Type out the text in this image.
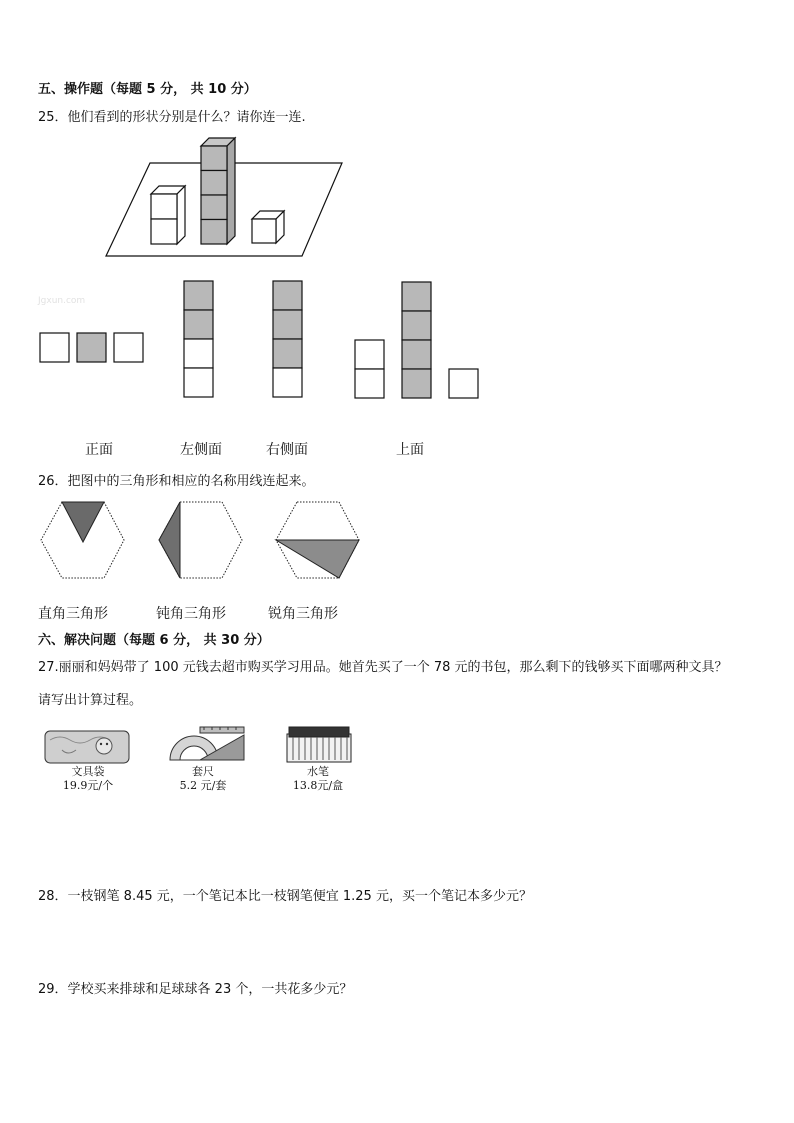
五、操作题（每题 5 分， 共 10 分）
25．他们看到的形状分别是什么？请你连一连.
Jgxun.com
正面	左侧面	右侧面	上面
26．把图中的三角形和相应的名称用线连起来。
直角三角形	钝角三角形	锐角三角形
六、解决问题（每题 6 分， 共 30 分）
27.丽丽和妈妈带了 100 元钱去超市购买学习用品。她首先买了一个 78 元的书包，那么剩下的钱够买下面哪两种文具？
请写出计算过程。
文具袋
19.9元/个
套尺
5.2 元/套
水笔
13.8元/盒
28．一枝钢笔 8.45 元，一个笔记本比一枝钢笔便宜 1.25 元，买一个笔记本多少元？
29．学校买来排球和足球球各 23 个，一共花多少元？
